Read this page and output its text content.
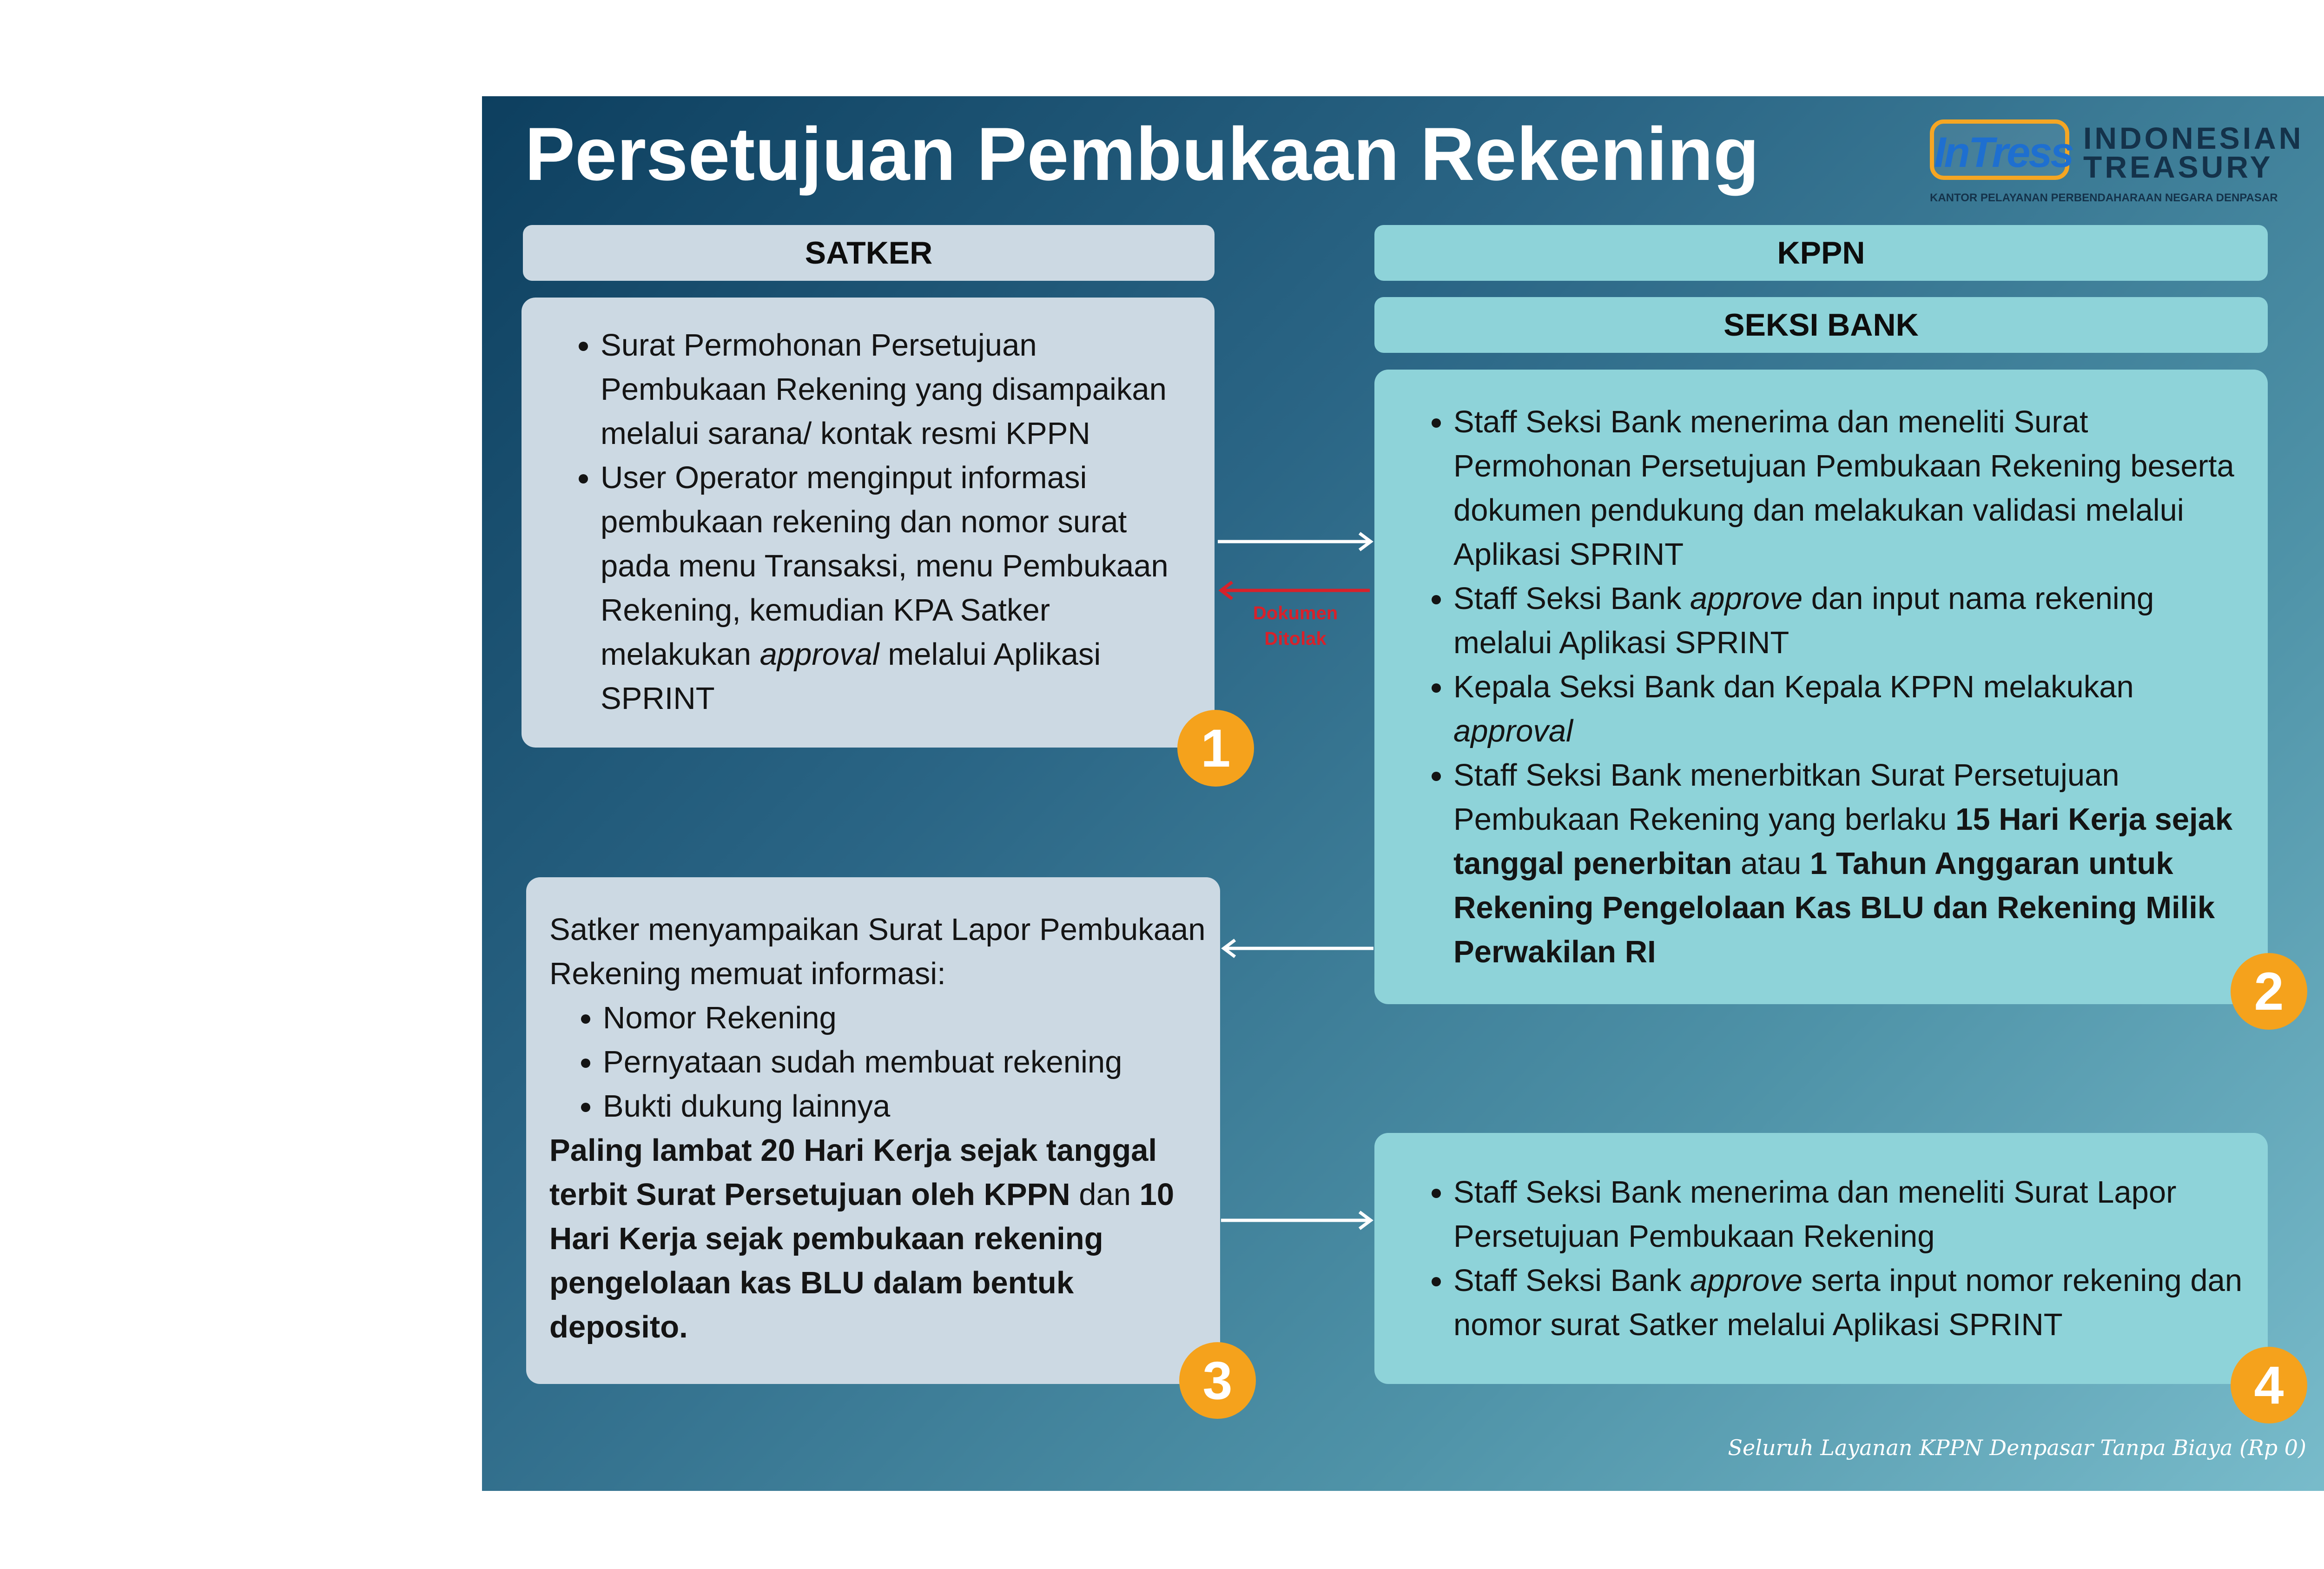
Persetujuan Pembukaan Rekening	InTress INDONESIAN
TREASURY
KANTOR PELAYANAN PERBENDAHARAAN NEGARA DENPASAR
SATKER	KPPN
SEKSI BANK
• Surat Permohonan Persetujuan Pembukaan Rekening yang disampaikan melalui sarana/ kontak resmi KPPN
• User Operator menginput informasi pembukaan rekening dan nomor surat pada menu Transaksi, menu Pembukaan Rekening, kemudian KPA Satker melakukan approval melalui Aplikasi SPRINT
• Staff Seksi Bank menerima dan meneliti Surat Permohonan Persetujuan Pembukaan Rekening beserta dokumen pendukung dan melakukan validasi melalui Aplikasi SPRINT
• Staff Seksi Bank approve dan input nama rekening melalui Aplikasi SPRINT
• Kepala Seksi Bank dan Kepala KPPN melakukan approval
• Staff Seksi Bank menerbitkan Surat Persetujuan Pembukaan Rekening yang berlaku 15 Hari Kerja sejak tanggal penerbitan atau 1 Tahun Anggaran untuk Rekening Pengelolaan Kas BLU dan Rekening Milik Perwakilan RI

Satker menyampaikan Surat Lapor Pembukaan Rekening memuat informasi:

• Nomor Rekening
• Pernyataan sudah membuat rekening
• Bukti dukung lainnya

Paling lambat 20 Hari Kerja sejak tanggal terbit Surat Persetujuan oleh KPPN dan 10 Hari Kerja sejak pembukaan rekening pengelolaan kas BLU dalam bentuk deposito.

• Staff Seksi Bank menerima dan meneliti Surat Lapor Persetujuan Pembukaan Rekening
• Staff Seksi Bank approve serta input nomor rekening dan nomor surat Satker melalui Aplikasi SPRINT
Dokumen Ditolak
1
2
3	4
Seluruh Layanan KPPN Denpasar Tanpa Biaya (Rp 0)
